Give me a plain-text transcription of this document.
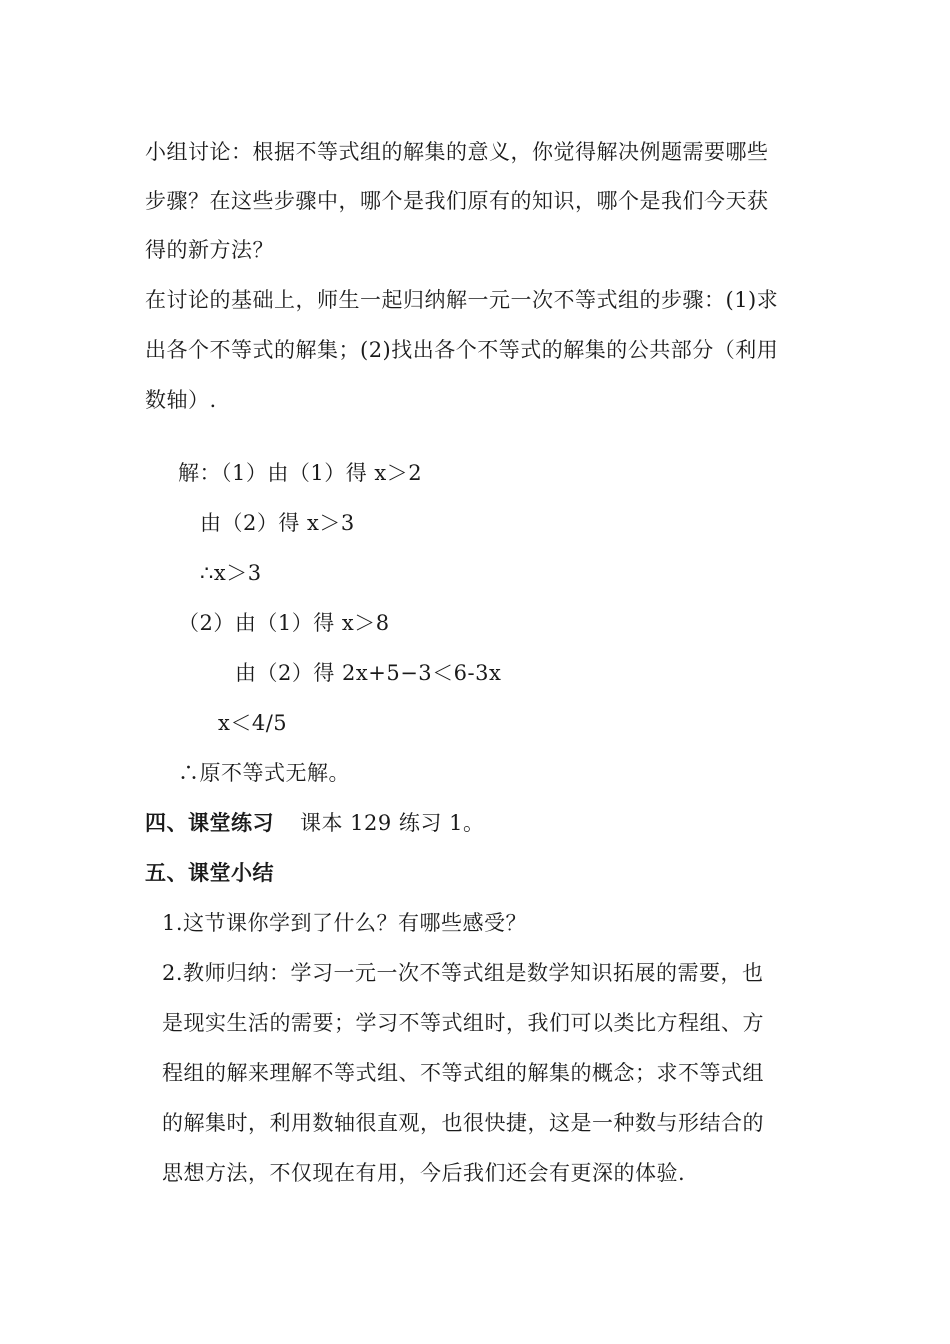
小组讨论：根据不等式组的解集的意义，你觉得解决例题需要哪些
步骤？在这些步骤中，哪个是我们原有的知识，哪个是我们今天获
得的新方法？
在讨论的基础上，师生一起归纳解一元一次不等式组的步骤：(1)求
出各个不等式的解集；(2)找出各个不等式的解集的公共部分（利用
数轴）.
解：（1）由（1）得 x＞2
由（2）得 x＞3
∴x＞3
（2）由（1）得 x＞8
由（2）得 2x+5−3＜6-3x
x＜4/5
∴原不等式无解。
四、课堂练习 课本 129 练习 1。
五、课堂小结
1.这节课你学到了什么？有哪些感受？
2.教师归纳：学习一元一次不等式组是数学知识拓展的需要，也
是现实生活的需要；学习不等式组时，我们可以类比方程组、方
程组的解来理解不等式组、不等式组的解集的概念；求不等式组
的解集时，利用数轴很直观，也很快捷，这是一种数与形结合的
思想方法，不仅现在有用，今后我们还会有更深的体验.
